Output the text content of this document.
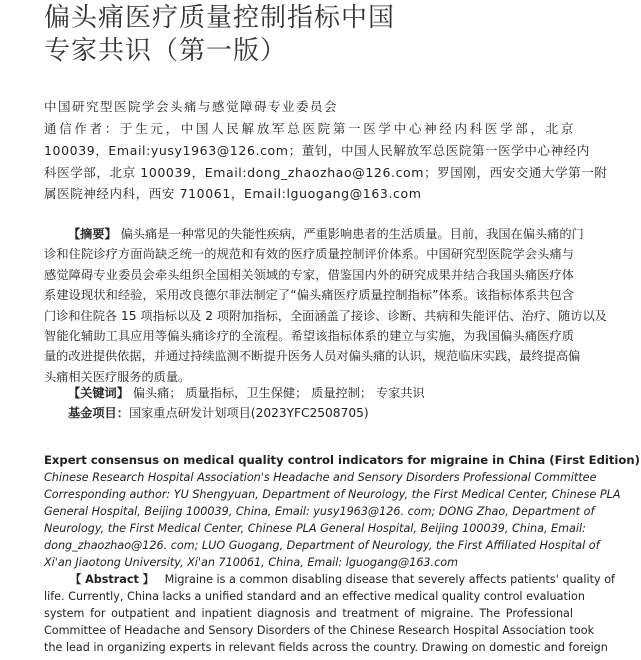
偏头痛医疗质量控制指标中国
专家共识（第一版）
中国研究型医院学会头痛与感觉障碍专业委员会
通信作者：于生元，中国人民解放军总医院第一医学中心神经内科医学部，北京
100039，Email:yusy1963@126.com；董钊，中国人民解放军总医院第一医学中心神经内
科医学部，北京 100039，Email:dong_zhaozhao@126.com；罗国刚，西安交通大学第一附
属医院神经内科，西安 710061，Email:lguogang@163.com
【摘要】 偏头痛是一种常见的失能性疾病，严重影响患者的生活质量。目前，我国在偏头痛的门
诊和住院诊疗方面尚缺乏统一的规范和有效的医疗质量控制评价体系。中国研究型医院学会头痛与
感觉障碍专业委员会牵头组织全国相关领域的专家，借鉴国内外的研究成果并结合我国头痛医疗体
系建设现状和经验，采用改良德尔菲法制定了“偏头痛医疗质量控制指标”体系。该指标体系共包含
门诊和住院各 15 项指标以及 2 项附加指标，全面涵盖了接诊、诊断、共病和失能评估、治疗、随访以及
智能化辅助工具应用等偏头痛诊疗的全流程。希望该指标体系的建立与实施，为我国偏头痛医疗质
量的改进提供依据，并通过持续监测不断提升医务人员对偏头痛的认识，规范临床实践，最终提高偏
头痛相关医疗服务的质量。
【关键词】 偏头痛； 质量指标，卫生保健； 质量控制； 专家共识
基金项目：国家重点研发计划项目(2023YFC2508705)
Expert consensus on medical quality control indicators for migraine in China (First Edition)
Chinese Research Hospital Association's Headache and Sensory Disorders Professional Committee
Corresponding author: YU Shengyuan, Department of Neurology, the First Medical Center, Chinese PLA
General Hospital, Beijing 100039, China, Email: yusy1963@126. com; DONG Zhao, Department of
Neurology, the First Medical Center, Chinese PLA General Hospital, Beijing 100039, China, Email:
dong_zhaozhao@126. com; LUO Guogang, Department of Neurology, the First Affiliated Hospital of
Xi'an Jiaotong University, Xi'an 710061, China, Email: lguogang@163.com
【 Abstract 】 Migraine is a common disabling disease that severely affects patients' quality of
life. Currently, China lacks a unified standard and an effective medical quality control evaluation
system for outpatient and inpatient diagnosis and treatment of migraine. The Professional
Committee of Headache and Sensory Disorders of the Chinese Research Hospital Association took
the lead in organizing experts in relevant fields across the country. Drawing on domestic and foreign
